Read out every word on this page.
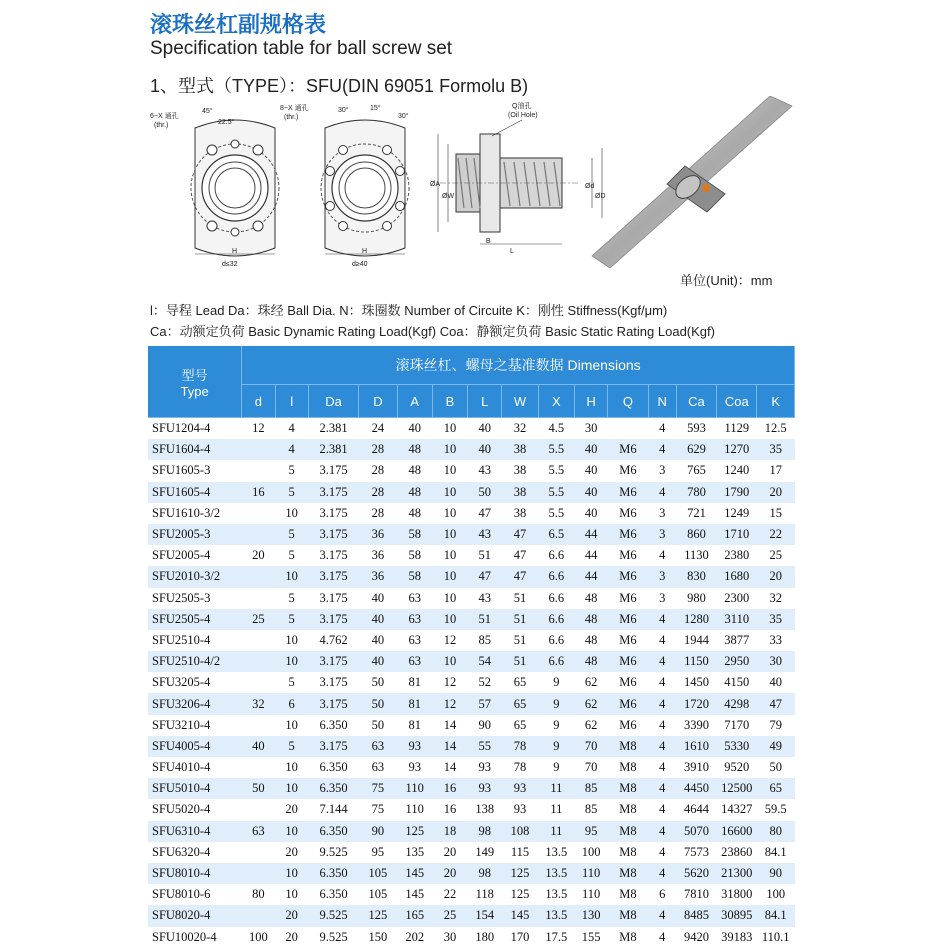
滚珠丝杠副规格表
Specification table for ball screw set
1、型式（TYPE）：SFU(DIN 69051 Formolu B)
H
d≤32
6−X 通孔
(thr.)
45°
22.5°
H
d≥40
8−X 通孔
(thr.)
30°	15°
30°
B
L
ØA
ØW
Ød
ØD
Q油孔
(Oil Hole)
单位(Unit)：mm
l：导程 Lead Da：珠经 Ball Dia. N：珠圈数 Number of Circuite K：刚性 Stiffness(Kgf/μm)
Ca：动额定负荷 Basic Dynamic Rating Load(Kgf) Coa：静额定负荷 Basic Static Rating Load(Kgf)
型号
Type	滚珠丝杠、螺母之基准数据 Dimensions														
	d	l	Da	D	A	B	L	W	X	H	Q	N	Ca	Coa	K
SFU1204-4	12	4	2.381	24	40	10	40	32	4.5	30		4	593	1129	12.5
SFU1604-4		4	2.381	28	48	10	40	38	5.5	40	M6	4	629	1270	35
SFU1605-3		5	3.175	28	48	10	43	38	5.5	40	M6	3	765	1240	17
SFU1605-4	16	5	3.175	28	48	10	50	38	5.5	40	M6	4	780	1790	20
SFU1610-3/2		10	3.175	28	48	10	47	38	5.5	40	M6	3	721	1249	15
SFU2005-3		5	3.175	36	58	10	43	47	6.5	44	M6	3	860	1710	22
SFU2005-4	20	5	3.175	36	58	10	51	47	6.6	44	M6	4	1130	2380	25
SFU2010-3/2		10	3.175	36	58	10	47	47	6.6	44	M6	3	830	1680	20
SFU2505-3		5	3.175	40	63	10	43	51	6.6	48	M6	3	980	2300	32
SFU2505-4	25	5	3.175	40	63	10	51	51	6.6	48	M6	4	1280	3110	35
SFU2510-4		10	4.762	40	63	12	85	51	6.6	48	M6	4	1944	3877	33
SFU2510-4/2		10	3.175	40	63	10	54	51	6.6	48	M6	4	1150	2950	30
SFU3205-4		5	3.175	50	81	12	52	65	9	62	M6	4	1450	4150	40
SFU3206-4	32	6	3.175	50	81	12	57	65	9	62	M6	4	1720	4298	47
SFU3210-4		10	6.350	50	81	14	90	65	9	62	M6	4	3390	7170	79
SFU4005-4	40	5	3.175	63	93	14	55	78	9	70	M8	4	1610	5330	49
SFU4010-4		10	6.350	63	93	14	93	78	9	70	M8	4	3910	9520	50
SFU5010-4	50	10	6.350	75	110	16	93	93	11	85	M8	4	4450	12500	65
SFU5020-4		20	7.144	75	110	16	138	93	11	85	M8	4	4644	14327	59.5
SFU6310-4	63	10	6.350	90	125	18	98	108	11	95	M8	4	5070	16600	80
SFU6320-4		20	9.525	95	135	20	149	115	13.5	100	M8	4	7573	23860	84.1
SFU8010-4		10	6.350	105	145	20	98	125	13.5	110	M8	4	5620	21300	90
SFU8010-6	80	10	6.350	105	145	22	118	125	13.5	110	M8	6	7810	31800	100
SFU8020-4		20	9.525	125	165	25	154	145	13.5	130	M8	4	8485	30895	84.1
SFU10020-4	100	20	9.525	150	202	30	180	170	17.5	155	M8	4	9420	39183	110.1
